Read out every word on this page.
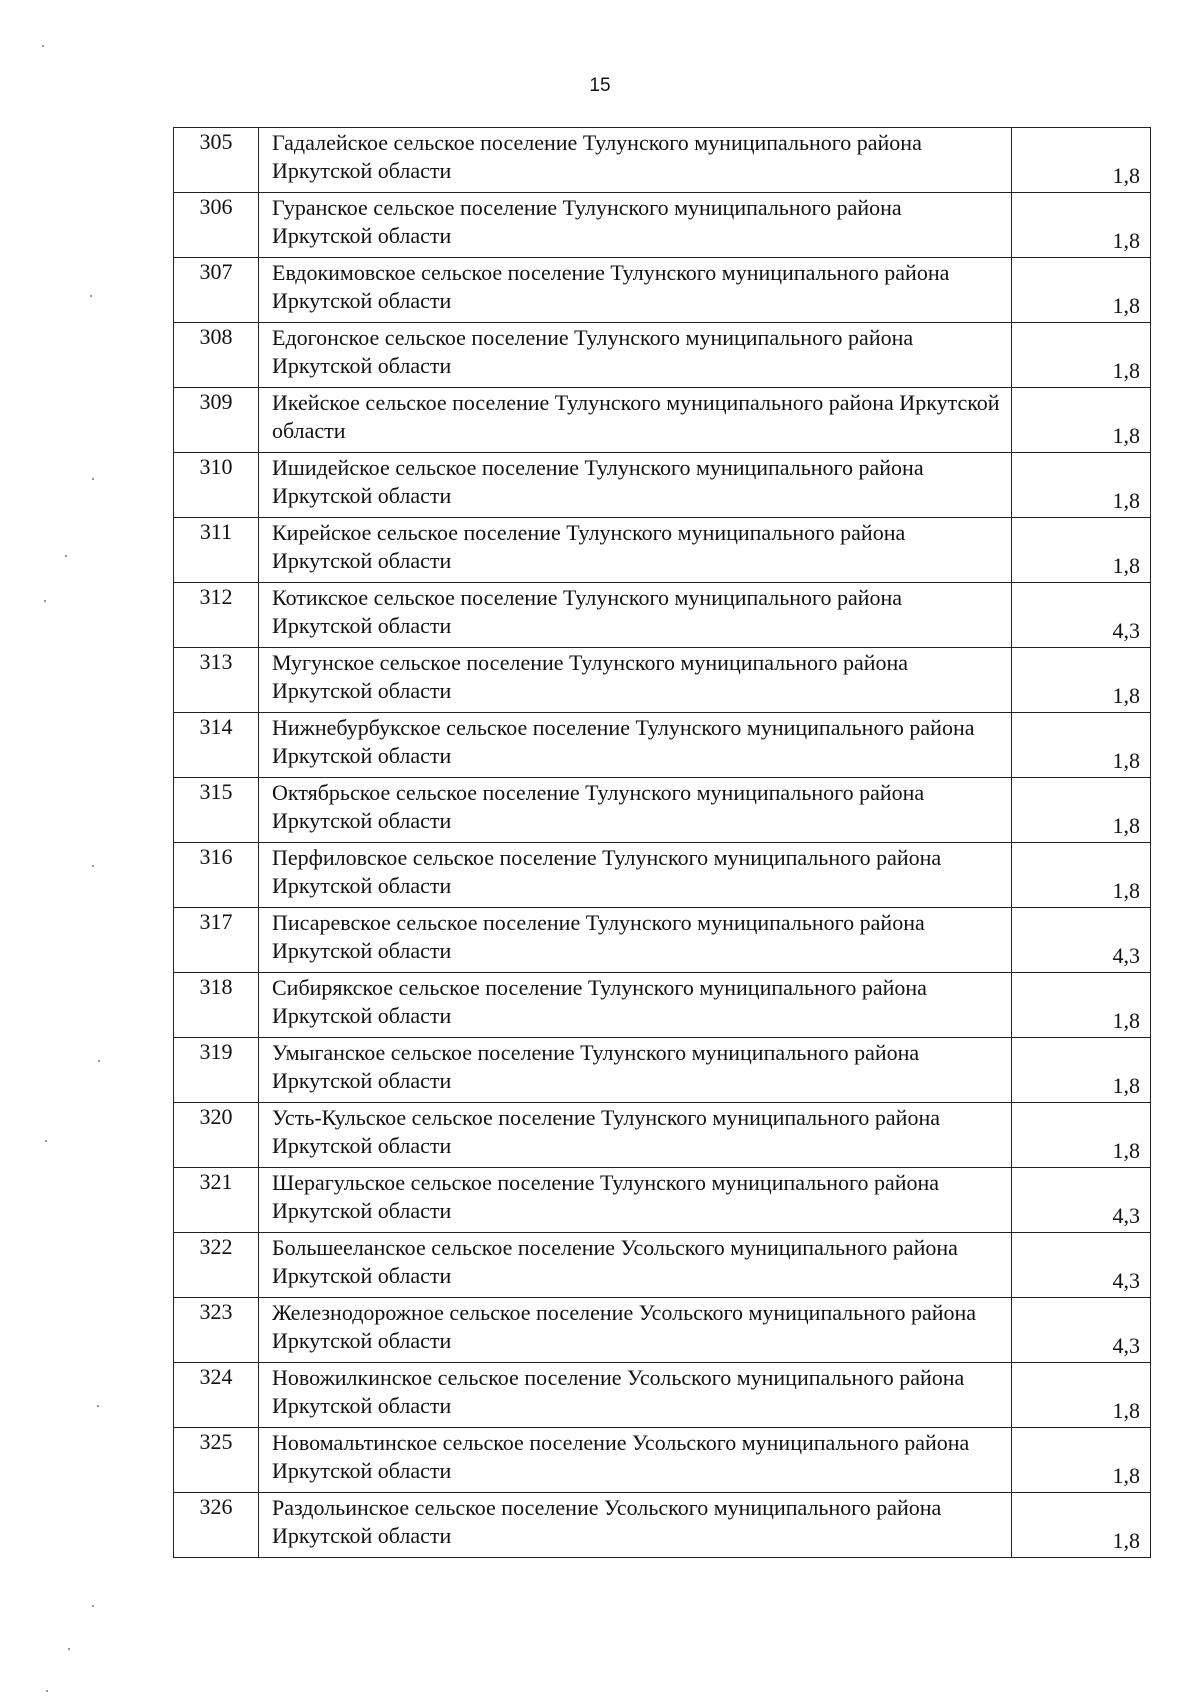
15
305	Гадалейское сельское поселение Тулунского муниципального района Иркутской области	1,8
306	Гуранское сельское поселение Тулунского муниципального района Иркутской области	1,8
307	Евдокимовское сельское поселение Тулунского муниципального района Иркутской области	1,8
308	Едогонское сельское поселение Тулунского муниципального района Иркутской области	1,8
309	Икейское сельское поселение Тулунского муниципального района Иркутской области	1,8
310	Ишидейское сельское поселение Тулунского муниципального района Иркутской области	1,8
311	Кирейское сельское поселение Тулунского муниципального района Иркутской области	1,8
312	Котикское сельское поселение Тулунского муниципального района Иркутской области	4,3
313	Мугунское сельское поселение Тулунского муниципального района Иркутской области	1,8
314	Нижнебурбукское сельское поселение Тулунского муниципального района Иркутской области	1,8
315	Октябрьское сельское поселение Тулунского муниципального района Иркутской области	1,8
316	Перфиловское сельское поселение Тулунского муниципального района Иркутской области	1,8
317	Писаревское сельское поселение Тулунского муниципального района Иркутской области	4,3
318	Сибирякское сельское поселение Тулунского муниципального района Иркутской области	1,8
319	Умыганское сельское поселение Тулунского муниципального района Иркутской области	1,8
320	Усть-Кульское сельское поселение Тулунского муниципального района Иркутской области	1,8
321	Шерагульское сельское поселение Тулунского муниципального района Иркутской области	4,3
322	Большееланское сельское поселение Усольского муниципального района Иркутской области	4,3
323	Железнодорожное сельское поселение Усольского муниципального района Иркутской области	4,3
324	Новожилкинское сельское поселение Усольского муниципального района Иркутской области	1,8
325	Новомальтинское сельское поселение Усольского муниципального района Иркутской области	1,8
326	Раздольинское сельское поселение Усольского муниципального района Иркутской области	1,8
